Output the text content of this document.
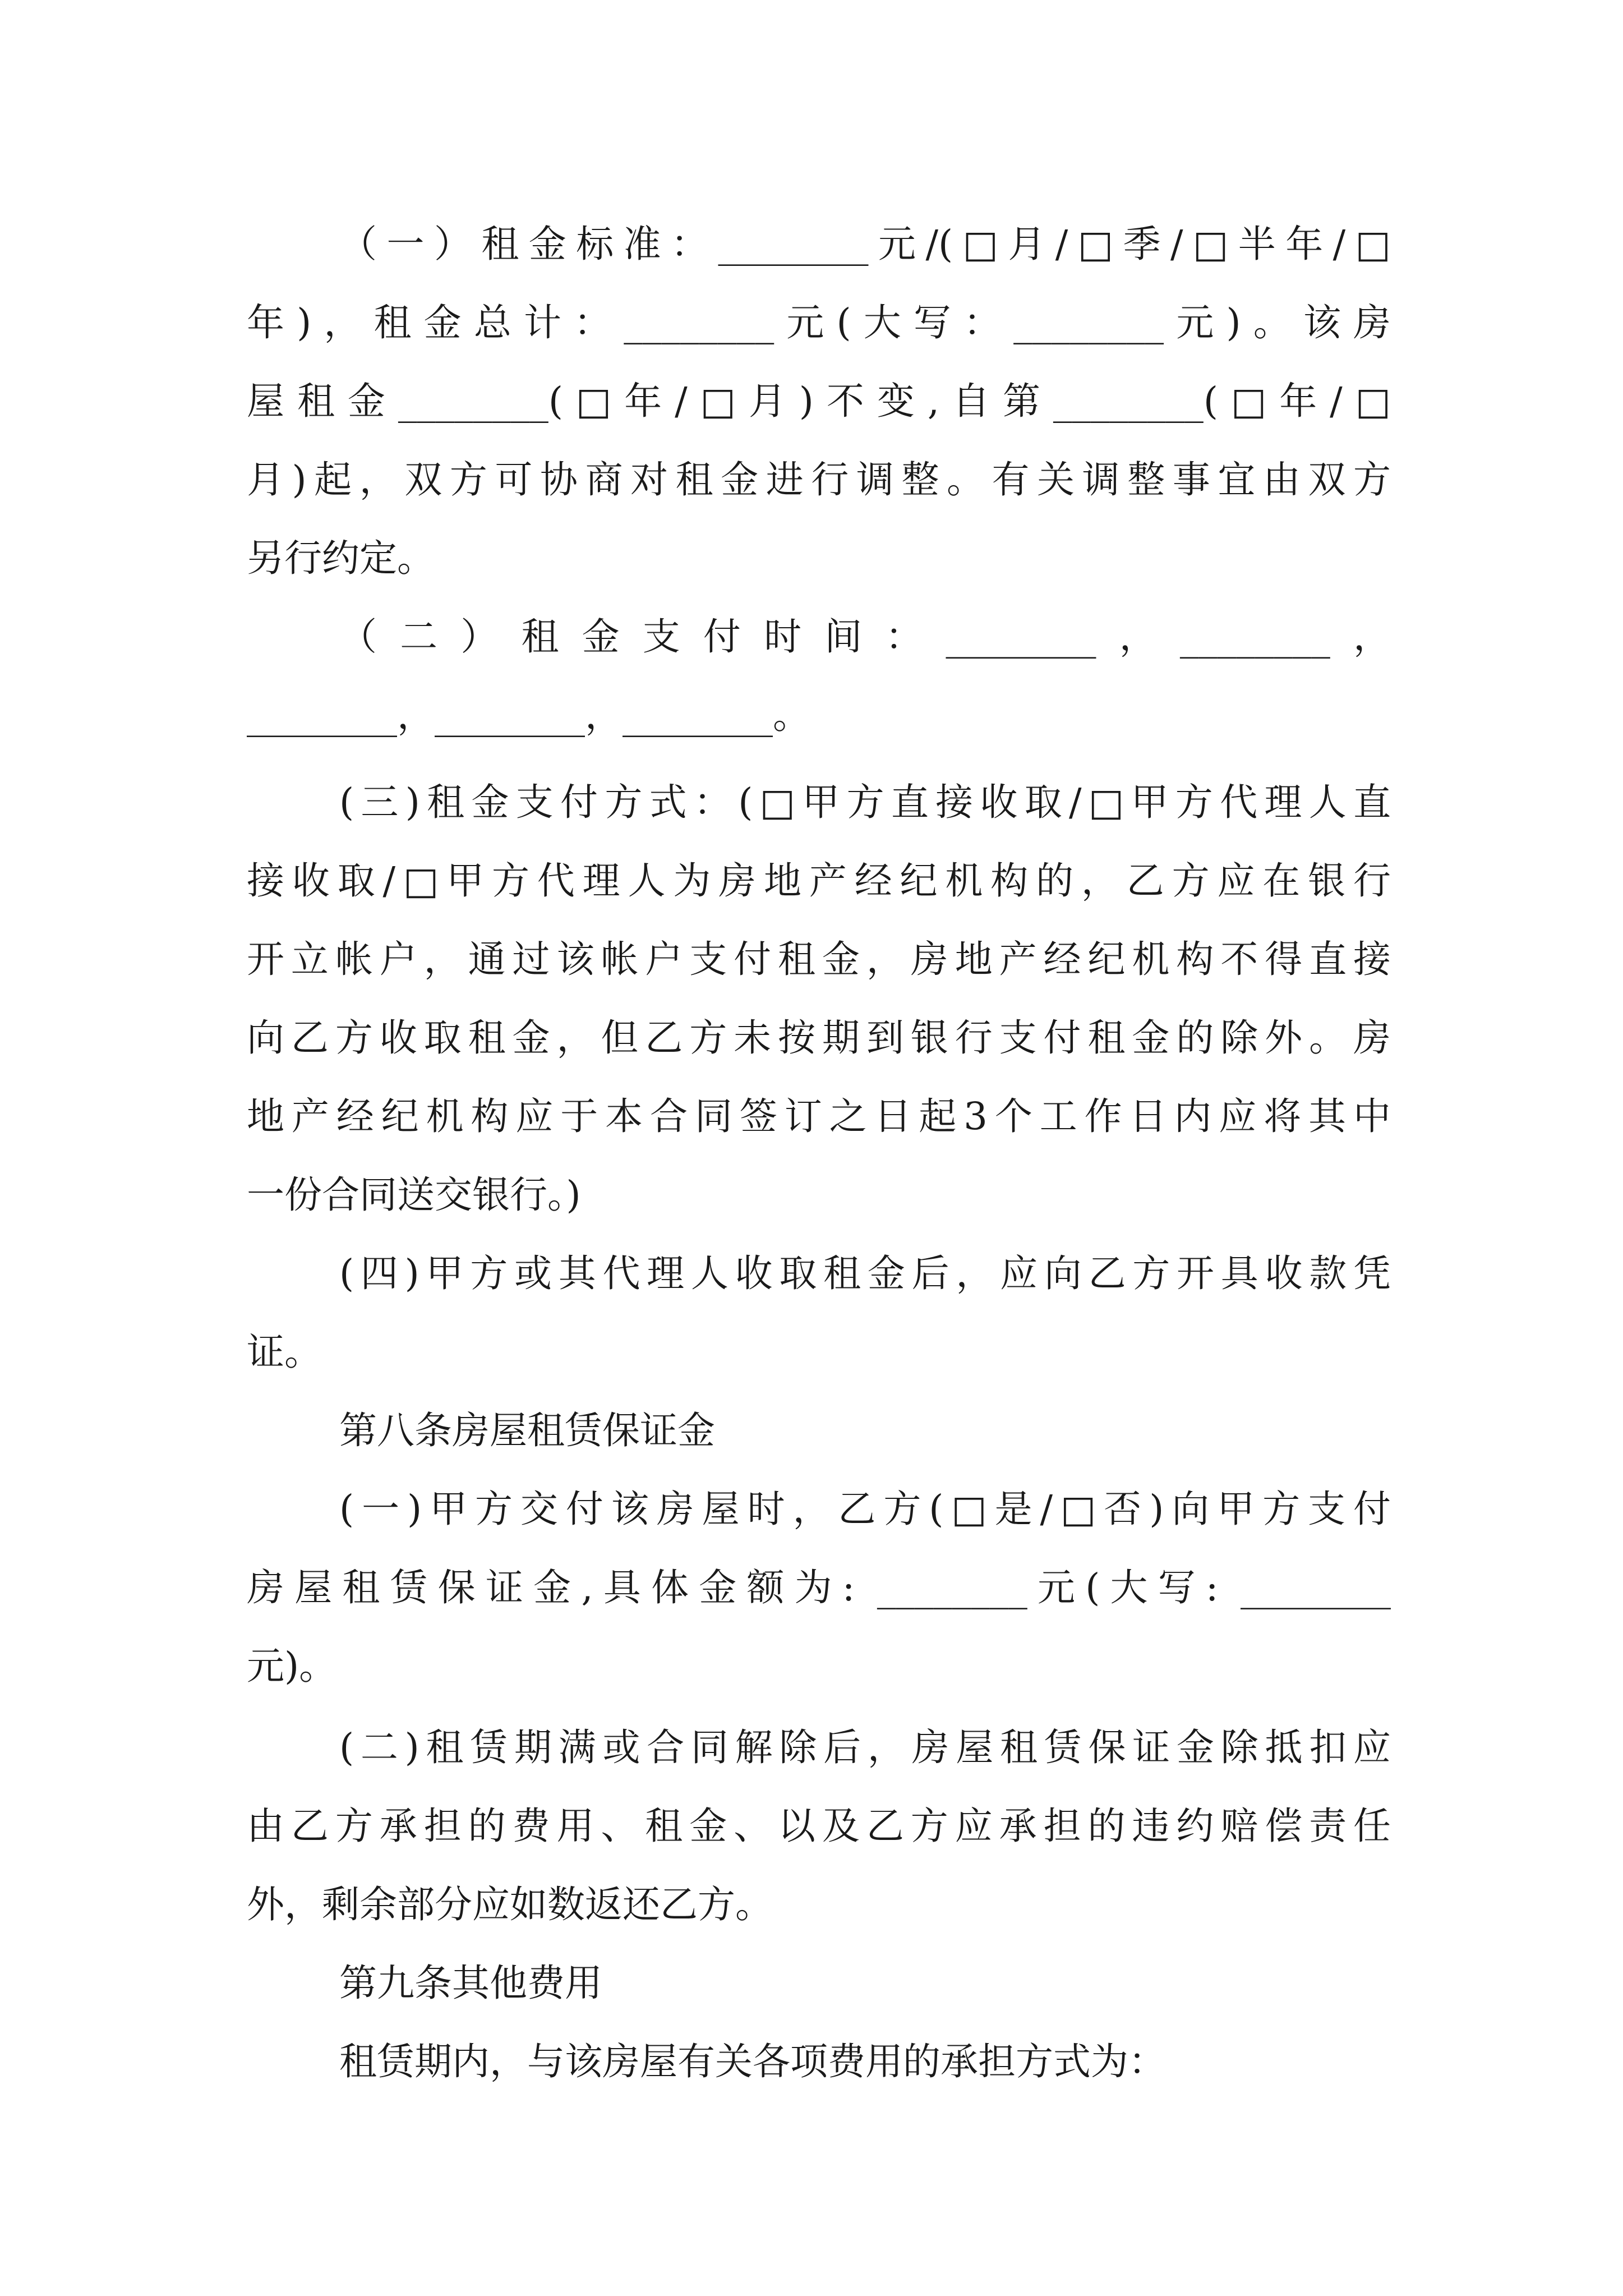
（一）租金标准：________元/(□月/□季/□半年/□
年)，租金总计：________元(大写：________元)。该房
屋租金________(□年/□月)不变,自第________(□年/□
月)起，双方可协商对租金进行调整。有关调整事宜由双方
另行约定。
（二）租金支付时间：________，________，
________，________，________。
(三)租金支付方式：(□甲方直接收取/□甲方代理人直
接收取/□甲方代理人为房地产经纪机构的，乙方应在银行
开立帐户，通过该帐户支付租金，房地产经纪机构不得直接
向乙方收取租金，但乙方未按期到银行支付租金的除外。房
地产经纪机构应于本合同签订之日起3个工作日内应将其中
一份合同送交银行。)
(四)甲方或其代理人收取租金后，应向乙方开具收款凭
证。
第八条房屋租赁保证金
(一)甲方交付该房屋时，乙方(□是/□否)向甲方支付
房屋租赁保证金,具体金额为: ________元(大写: ________
元)。
(二)租赁期满或合同解除后，房屋租赁保证金除抵扣应
由乙方承担的费用、租金、以及乙方应承担的违约赔偿责任
外，剩余部分应如数返还乙方。
第九条其他费用
租赁期内，与该房屋有关各项费用的承担方式为：
